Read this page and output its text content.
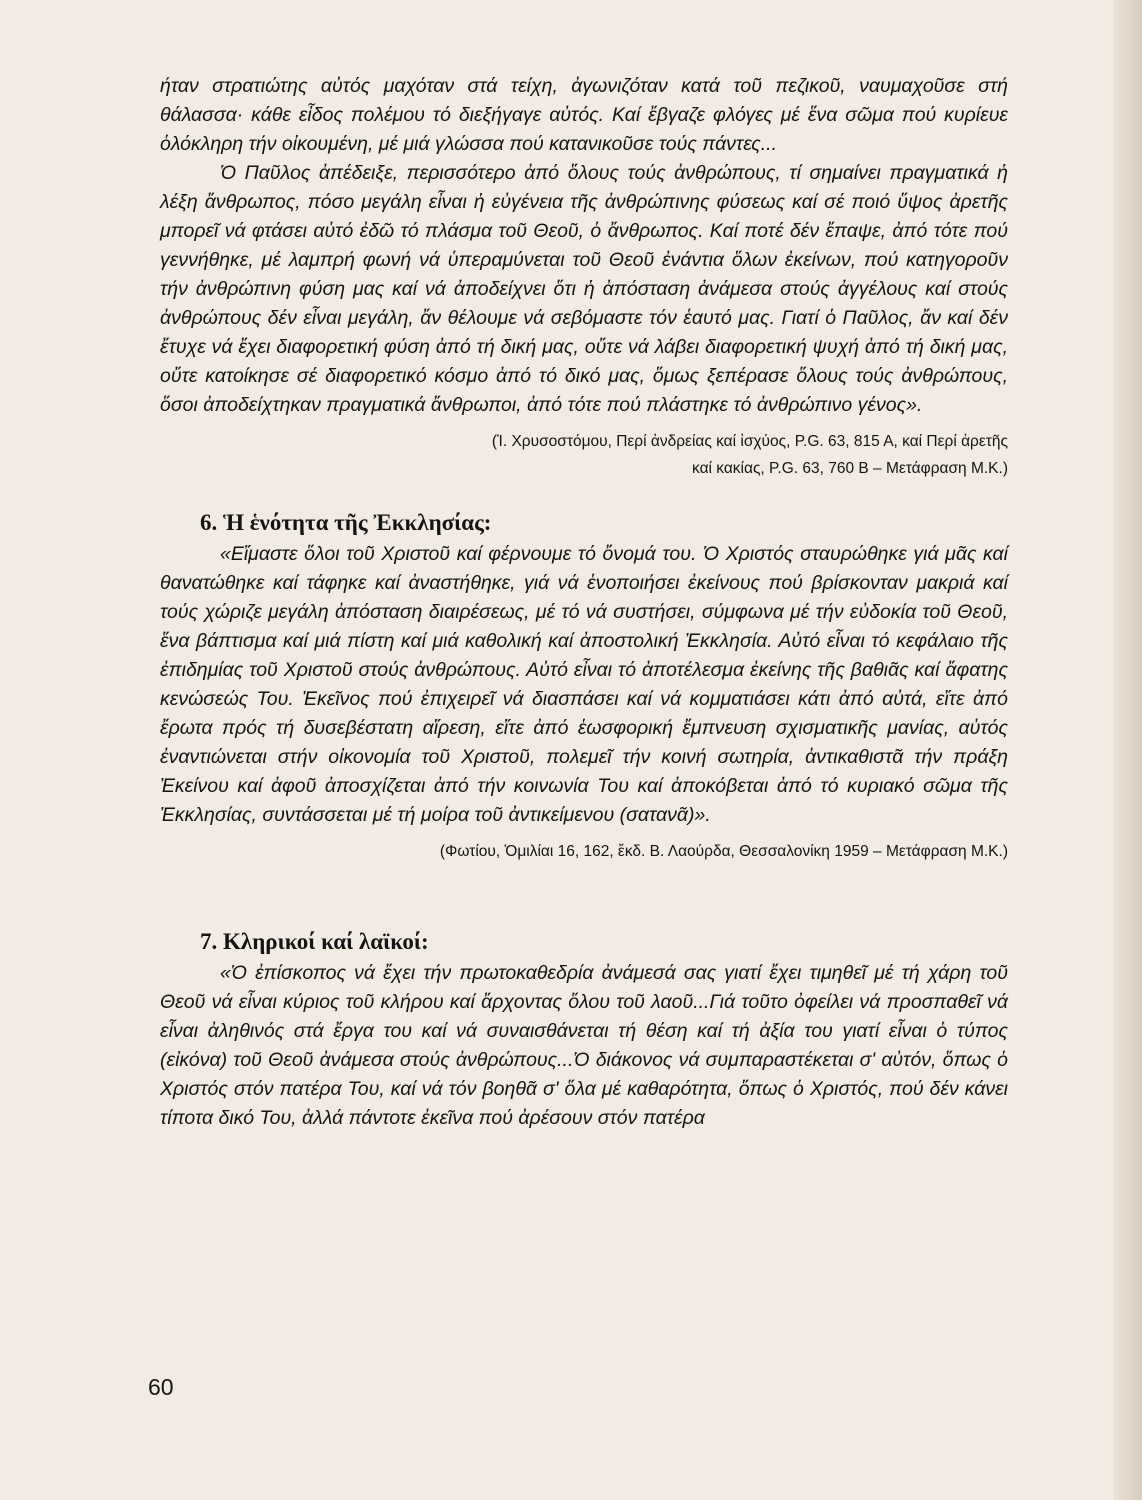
ήταν στρατιώτης αὐτός μαχόταν στά τείχη, ἀγωνιζόταν κατά τοῦ πεζικοῦ, ναυμαχοῦσε στή θάλασσα· κάθε εἶδος πολέμου τό διεξήγαγε αὐτός. Καί ἔβγαζε φλόγες μέ ἕνα σῶμα πού κυρίευε ὁλόκληρη τήν οἰκουμένη, μέ μιά γλώσσα πού κατανικοῦσε τούς πάντες...

Ὁ Παῦλος ἀπέδειξε, περισσότερο ἀπό ὅλους τούς ἀνθρώπους, τί σημαίνει πραγματικά ἡ λέξη ἄνθρωπος, πόσο μεγάλη εἶναι ἡ εὐγένεια τῆς ἀνθρώπινης φύσεως καί σέ ποιό ὕψος ἀρετῆς μπορεῖ νά φτάσει αὐτό ἐδῶ τό πλάσμα τοῦ Θεοῦ, ὁ ἄνθρωπος. Καί ποτέ δέν ἔπαψε, ἀπό τότε πού γεννήθηκε, μέ λαμπρή φωνή νά ὑπεραμύνεται τοῦ Θεοῦ ἐνάντια ὅλων ἐκείνων, πού κατηγοροῦν τήν ἀνθρώπινη φύση μας καί νά ἀποδείχνει ὅτι ἡ ἀπόσταση ἀνάμεσα στούς ἀγγέλους καί στούς ἀνθρώπους δέν εἶναι μεγάλη, ἄν θέλουμε νά σεβόμαστε τόν ἑαυτό μας. Γιατί ὁ Παῦλος, ἄν καί δέν ἔτυχε νά ἔχει διαφορετική φύση ἀπό τή δική μας, οὔτε νά λάβει διαφορετική ψυχή ἀπό τή δική μας, οὔτε κατοίκησε σέ διαφορετικό κόσμο ἀπό τό δικό μας, ὅμως ξεπέρασε ὅλους τούς ἀνθρώπους, ὅσοι ἀποδείχτηκαν πραγματικά ἄνθρωποι, ἀπό τότε πού πλάστηκε τό ἀνθρώπινο γένος».

(Ἰ. Χρυσοστόμου, Περί ἀνδρείας καί ἰσχύος, P.G. 63, 815 A, καί Περί ἀρετῆς
καί κακίας, P.G. 63, 760 B – Μετάφραση Μ.Κ.)

6. Ἡ ἑνότητα τῆς Ἐκκλησίας:

«Εἴμαστε ὅλοι τοῦ Χριστοῦ καί φέρνουμε τό ὄνομά του. Ὁ Χριστός σταυρώθηκε γιά μᾶς καί θανατώθηκε καί τάφηκε καί ἀναστήθηκε, γιά νά ἑνοποιήσει ἐκείνους πού βρίσκονταν μακριά καί τούς χώριζε μεγάλη ἀπόσταση διαιρέσεως, μέ τό νά συστήσει, σύμφωνα μέ τήν εὐδοκία τοῦ Θεοῦ, ἕνα βάπτισμα καί μιά πίστη καί μιά καθολική καί ἀποστολική Ἐκκλησία. Αὐτό εἶναι τό κεφάλαιο τῆς ἐπιδημίας τοῦ Χριστοῦ στούς ἀνθρώπους. Αὐτό εἶναι τό ἀποτέλεσμα ἐκείνης τῆς βαθιᾶς καί ἄφατης κενώσεώς Του. Ἐκεῖνος πού ἐπιχειρεῖ νά διασπάσει καί νά κομματιάσει κάτι ἀπό αὐτά, εἴτε ἀπό ἔρωτα πρός τή δυσεβέστατη αἵρεση, εἴτε ἀπό ἑωσφορική ἔμπνευση σχισματικῆς μανίας, αὐτός ἐναντιώνεται στήν οἰκονομία τοῦ Χριστοῦ, πολεμεῖ τήν κοινή σωτηρία, ἀντικαθιστᾶ τήν πράξη Ἐκείνου καί ἀφοῦ ἀποσχίζεται ἀπό τήν κοινωνία Του καί ἀποκόβεται ἀπό τό κυριακό σῶμα τῆς Ἐκκλησίας, συντάσσεται μέ τή μοίρα τοῦ ἀντικείμενου (σατανᾶ)».

(Φωτίου, Ὁμιλίαι 16, 162, ἔκδ. Β. Λαούρδα, Θεσσαλονίκη 1959 – Μετάφραση Μ.Κ.)

7. Κληρικοί καί λαϊκοί:

«Ὁ ἐπίσκοπος νά ἔχει τήν πρωτοκαθεδρία ἀνάμεσά σας γιατί ἔχει τιμηθεῖ μέ τή χάρη τοῦ Θεοῦ νά εἶναι κύριος τοῦ κλήρου καί ἄρχοντας ὅλου τοῦ λαοῦ...Γιά τοῦτο ὀφείλει νά προσπαθεῖ νά εἶναι ἀληθινός στά ἔργα του καί νά συναισθάνεται τή θέση καί τή ἀξία του γιατί εἶναι ὁ τύπος (εἰκόνα) τοῦ Θεοῦ ἀνάμεσα στούς ἀνθρώπους...Ὁ διάκονος νά συμπαραστέκεται σ' αὐτόν, ὅπως ὁ Χριστός στόν πατέρα Του, καί νά τόν βοηθᾶ σ' ὅλα μέ καθαρότητα, ὅπως ὁ Χριστός, πού δέν κάνει τίποτα δικό Του, ἀλλά πάντοτε ἐκεῖνα πού ἀρέσουν στόν πατέρα

60
